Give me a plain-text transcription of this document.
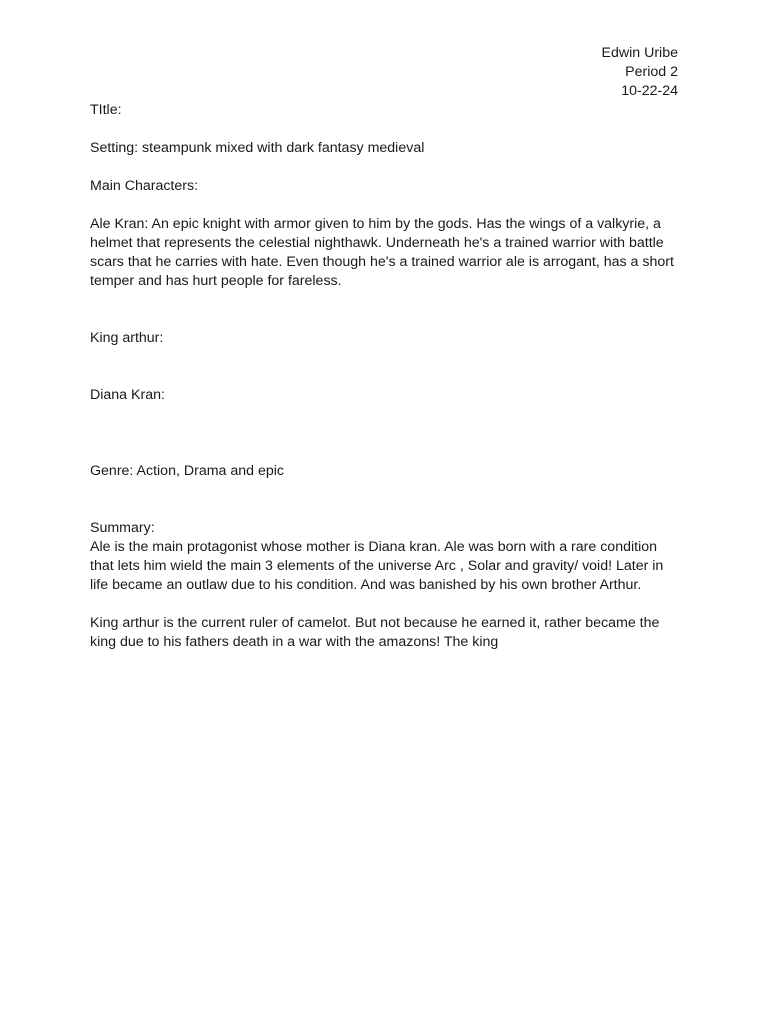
Edwin Uribe
Period 2
10-22-24

TItle:

Setting: steampunk mixed with dark fantasy medieval

Main Characters:

Ale Kran: An epic knight with armor given to him by the gods. Has the wings of a valkyrie, a helmet that represents the celestial nighthawk. Underneath he's a trained warrior with battle scars that he carries with hate. Even though he's a trained warrior ale is arrogant, has a short temper and has hurt people for fareless.

King arthur:

Diana Kran:

Genre: Action, Drama and epic

Summary:

Ale is the main protagonist whose mother is Diana kran. Ale was born with a rare condition that lets him wield the main 3 elements of the universe Arc , Solar and gravity/ void! Later in life became an outlaw due to his condition. And was banished by his own brother Arthur.

King arthur is the current ruler of camelot. But not because he earned it, rather became the king due to his fathers death in a war with the amazons! The king
